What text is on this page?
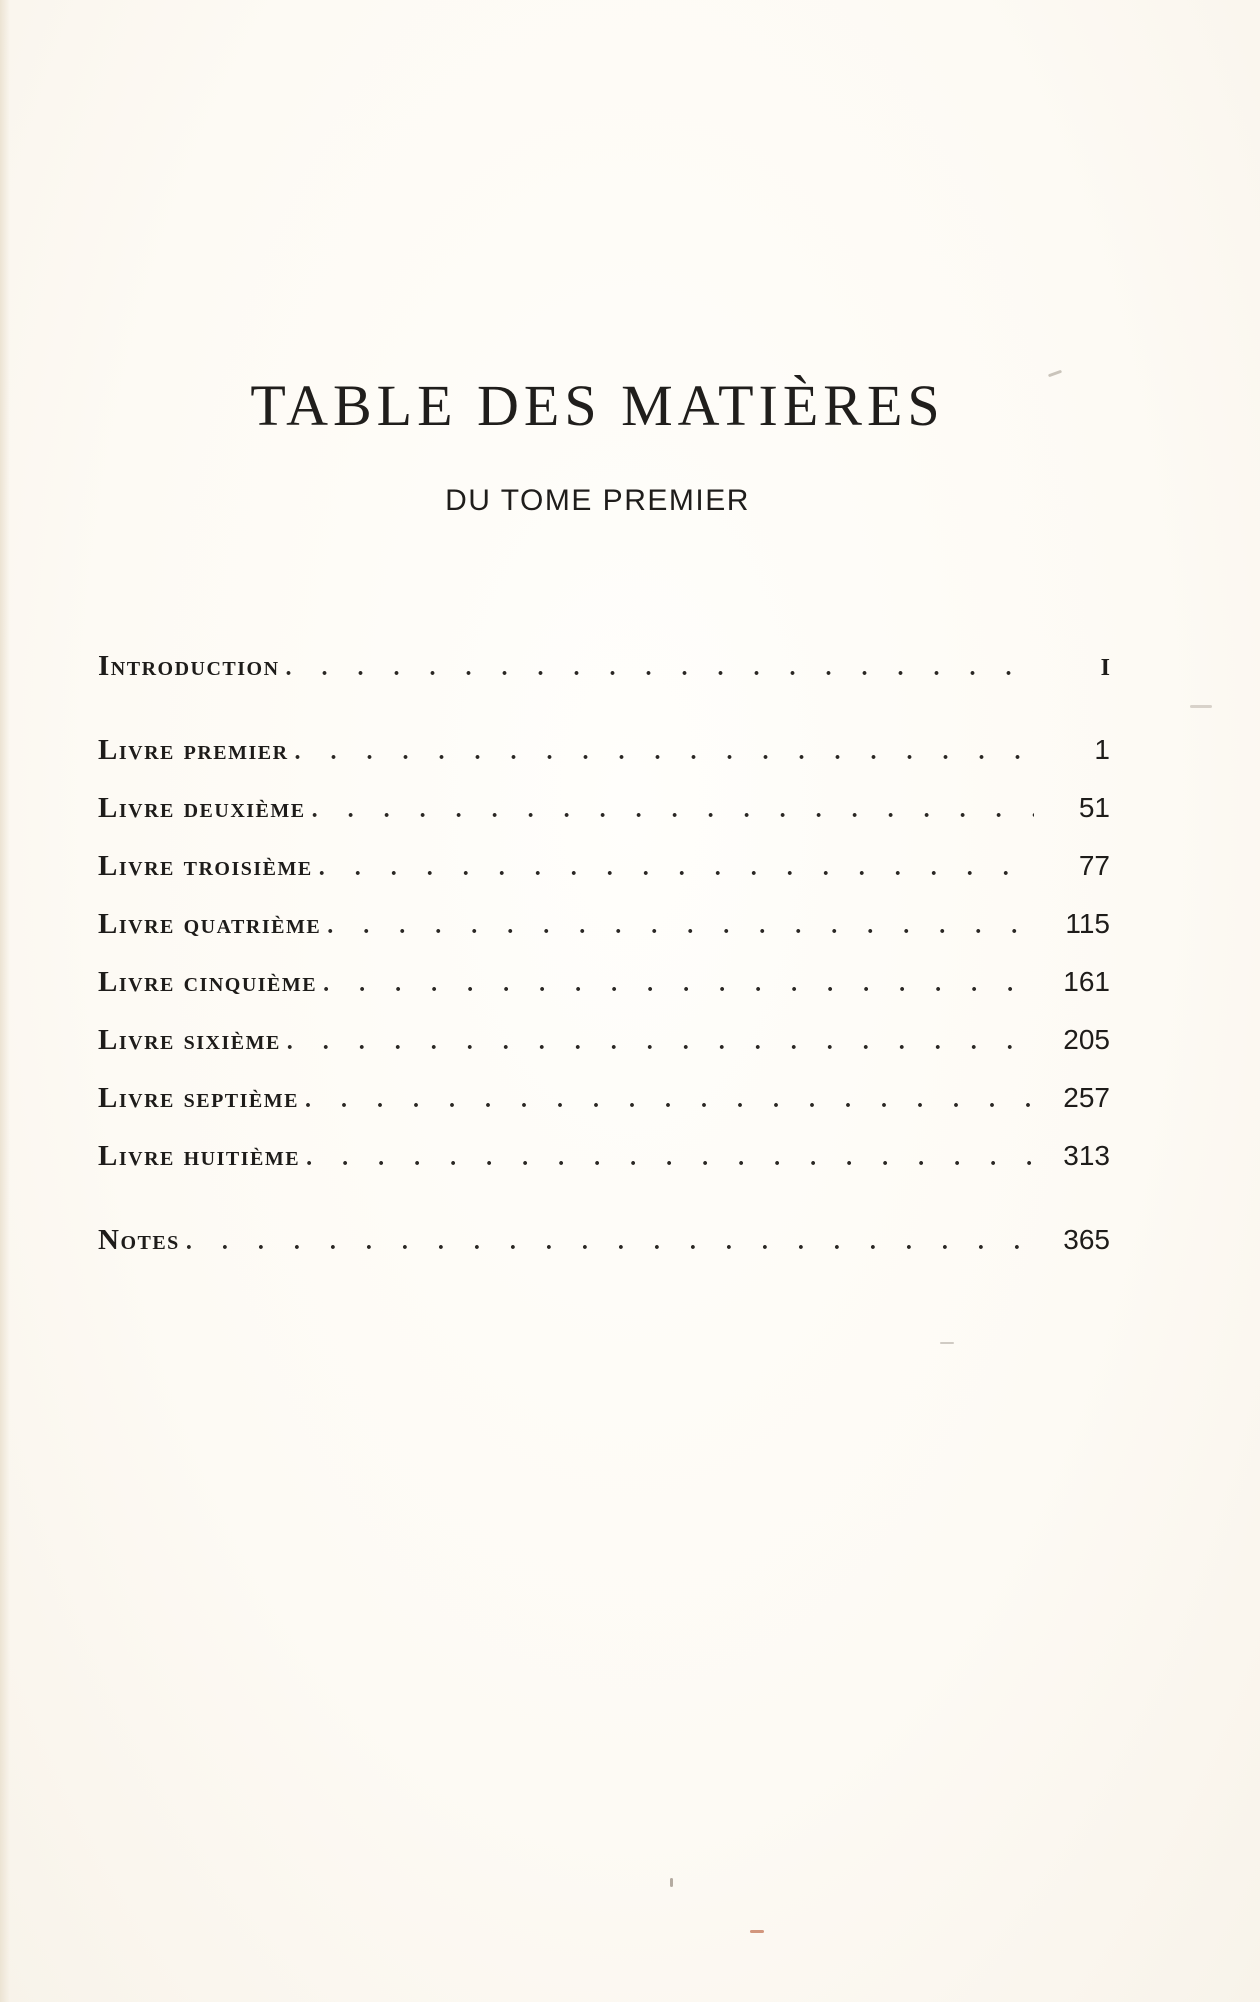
TABLE DES MATIÈRES
DU TOME PREMIER
Introduction . . .	I
Livre premier . . .	1
Livre deuxième . . .	51
Livre troisième . . .	77
Livre quatrième . . .	115
Livre cinquième . . .	161
Livre sixième . . .	205
Livre septième . . .	257
Livre huitième . . .	313
Notes . . .	365
